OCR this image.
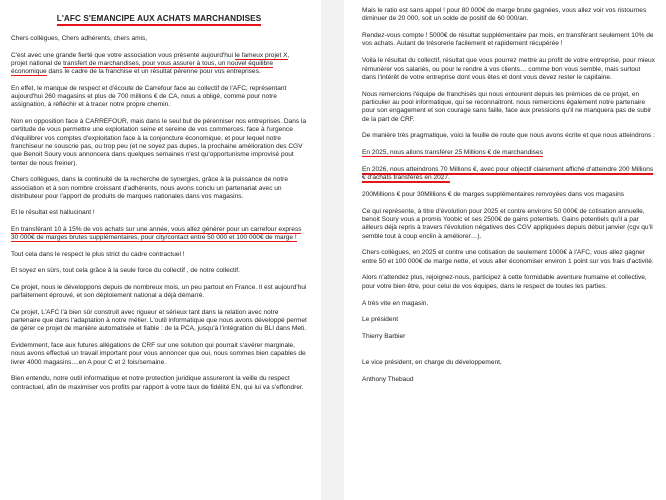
L'AFC S'EMANCIPE AUX ACHATS MARCHANDISES

Chers collègues, Chers adhérents, chers amis,

C'est avec une grande fierté que votre association vous présente aujourd'hui le fameux projet X, projet national de transfert de marchandises, pour vous assurer à tous, un nouvel équilibre économique dans le cadre de la franchise et un résultat pérenne pour vos entreprises.

En effet, le manque de respect et d'écoute de Carrefour face au collectif de l'AFC, représentant aujourd'hui 260 magasins et plus de 700 millions € de CA, nous a obligé, comme pour notre assignation, à réfléchir et à tracer notre propre chemin.

Non en opposition face à CARREFOUR, mais dans le seul but de pérenniser nos entreprises. Dans la certitude de vous permettre une exploitation seine et sereine de vos commerces, face à l'urgence d'équilibrer vos comptes d'exploitation face à la conjoncture économique, et pour lequel notre franchiseur ne souscrie pas, ou trop peu (et ne soyez pas dupes, la prochaine amélioration des CGV que Benoit Soury vous annoncera dans quelques semaines n'est qu'opportunisme improvisé pout tenter de nous freiner).

Chers collègues, dans la continuité de la recherche de synergies, grâce à la puissance de notre association et à son nombre croissant d'adhérents, nous avons conclu un partenariat avec un distributeur pour l'apport de produits de marques nationales dans vos magasins.

Et le résultat est hallucinant !

En transférant 10 à 15% de vos achats sur une année, vous allez générer pour un carrefour express 30 000€ de marges brutes supplémentaires, pour city/contact entre 50 000 et 100 000€ de marge !

Tout cela dans le respect le plus strict du cadre contractuel !

Et soyez en sûrs, tout cela grâce à la seule force du collectif , de notre collectif.

Ce projet, nous le développons depuis de nombreux mois, un peu partout en France. Il est aujourd'hui parfaitement éprouvé, et son déploiement national a déjà démarré.

Ce projet, L'AFC l'à bien sûr construit avec rigueur et sérieux tant dans la relation avec notre partenaire que dans l'adaptation à notre métier. L'outil informatique que nous avons développé permet de gérer ce projet de manière automatisée et fiable : de la PCA, jusqu'à l'intégration du BLI dans Meti.

Evidemment, face aux futures allégations de CRF sur une solution qui pourrait s'avérer marginale, nous avons effectué un travail important pour vous annoncer que oui, nous sommes bien capables de livrer 4000 magasins....en A pour C et 2 fois/semaine.

Bien entendu, notre outil informatique et notre protection juridique assureront la veille du respect contractuel, afin de maximiser vos profits par rapport à votre taux de fidélité EN, qui lui va s'effondrer.

Mais le ratio est sans appel ! pour 80 000€ de marge brute gagnées, vous allez voir vos ristournes diminuer de 20 000, soit un solde de positif de 60 000/an.

Rendez-vous compte ! 5000€ de résultat supplémentaire par mois, en transférant seulement 10% de vos achats. Autant de trésorerie facilement et rapidement récupérée !

Voila le résultat du collectif, résultat que vous pourrez mettre au profit de votre entreprise, pour mieux rémunérer vos salariés, ou pour le rendre à vos clients… comme bon vous semble, mais surtout dans l'intérêt de votre entreprise dont vous êtes et dont vous devez rester le capitaine.

Nous remercions l'équipe de franchisés qui nous entourent depuis les prémices de ce projet, en particulier au pool informatique, qui se reconnaitront. nous remercions également notre partenaire pour son engagement et son courage sans faille, face aux pressions qu'il ne manquera pas de subir de la part de CRF.

De manière très pragmatique, voici la feuille de route que nous avons écrite et que nous atteindrons :

En 2025, nous allons transférer 25 Millions € de marchandises

En 2026, nous atteindrons 70 Millions €, avec pour objectif clairement affiché d'atteindre 200 Millions € d'achats transférés en 2027.

200Millions € pour 30Millions € de marges supplémentaires renvoyées dans vos magasins

Ce qui représente, à titre d'évolution pour 2025 et contre environs 50 000€ de cotisation annuelle, benoit Soury vous a promis Yoobic et ses 2500€ de gains potentiels. Gains potentiels qu'il a par ailleurs déjà repris à travers l'évolution négatives des CGV appliquées depuis début janvier (cgv qu'il semble tout à coup enclin à améliorer…).

Chers collègues, en 2025 et contre une cotisation de seulement 1000€ à l'AFC, vous allez gagner entre 50 et 100 000€ de marge nette, et vous aller économiser environ 1 point sur vos frais d'activité.

Alors n'attendez plus, rejoignez-nous, participez à cette formidable aventure humaine et collective, pour votre bien être, pour celui de vos équipes, dans le respect de toutes les parties.

A très vite en magasin.

Le président

Thierry Barbier

Le vice président, en charge du développement,

Anthony Thebaud
